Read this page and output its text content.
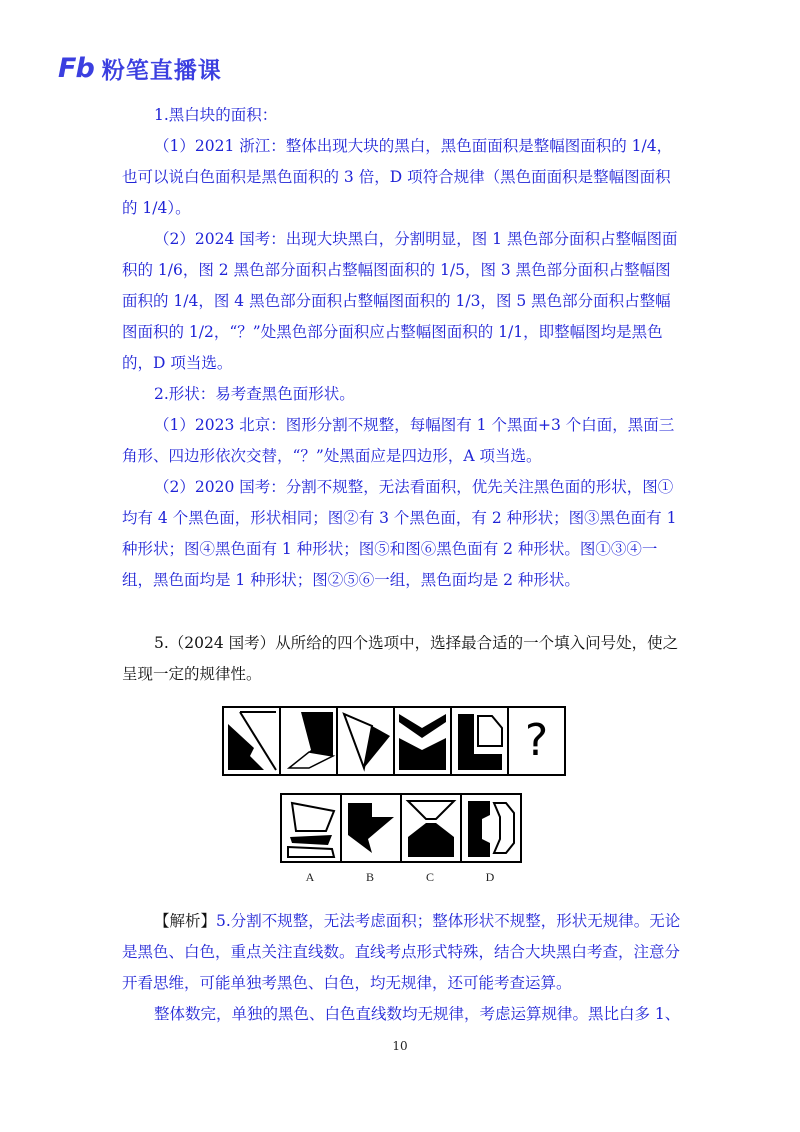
Fb 粉笔直播课

1.黑白块的面积：

（1）2021 浙江：整体出现大块的黑白，黑色面面积是整幅图面积的 1/4，也可以说白色面积是黑色面积的 3 倍，D 项符合规律（黑色面面积是整幅图面积的 1/4）。

（2）2024 国考：出现大块黑白，分割明显，图 1 黑色部分面积占整幅图面积的 1/6，图 2 黑色部分面积占整幅图面积的 1/5，图 3 黑色部分面积占整幅图面积的 1/4，图 4 黑色部分面积占整幅图面积的 1/3，图 5 黑色部分面积占整幅图面积的 1/2，“？”处黑色部分面积应占整幅图面积的 1/1，即整幅图均是黑色的，D 项当选。

2.形状：易考查黑色面形状。

（1）2023 北京：图形分割不规整，每幅图有 1 个黑面+3 个白面，黑面三角形、四边形依次交替，“？”处黑面应是四边形，A 项当选。

（2）2020 国考：分割不规整，无法看面积，优先关注黑色面的形状，图①均有 4 个黑色面，形状相同；图②有 3 个黑色面，有 2 种形状；图③黑色面有 1 种形状；图④黑色面有 1 种形状；图⑤和图⑥黑色面有 2 种形状。图①③④一组，黑色面均是 1 种形状；图②⑤⑥一组，黑色面均是 2 种形状。

5.（2024 国考）从所给的四个选项中，选择最合适的一个填入问号处，使之呈现一定的规律性。

?
A	B	C	D

【解析】5.分割不规整，无法考虑面积；整体形状不规整，形状无规律。无论是黑色、白色，重点关注直线数。直线考点形式特殊，结合大块黑白考查，注意分开看思维，可能单独考黑色、白色，均无规律，还可能考查运算。

整体数完，单独的黑色、白色直线数均无规律，考虑运算规律。黑比白多 1、

10
